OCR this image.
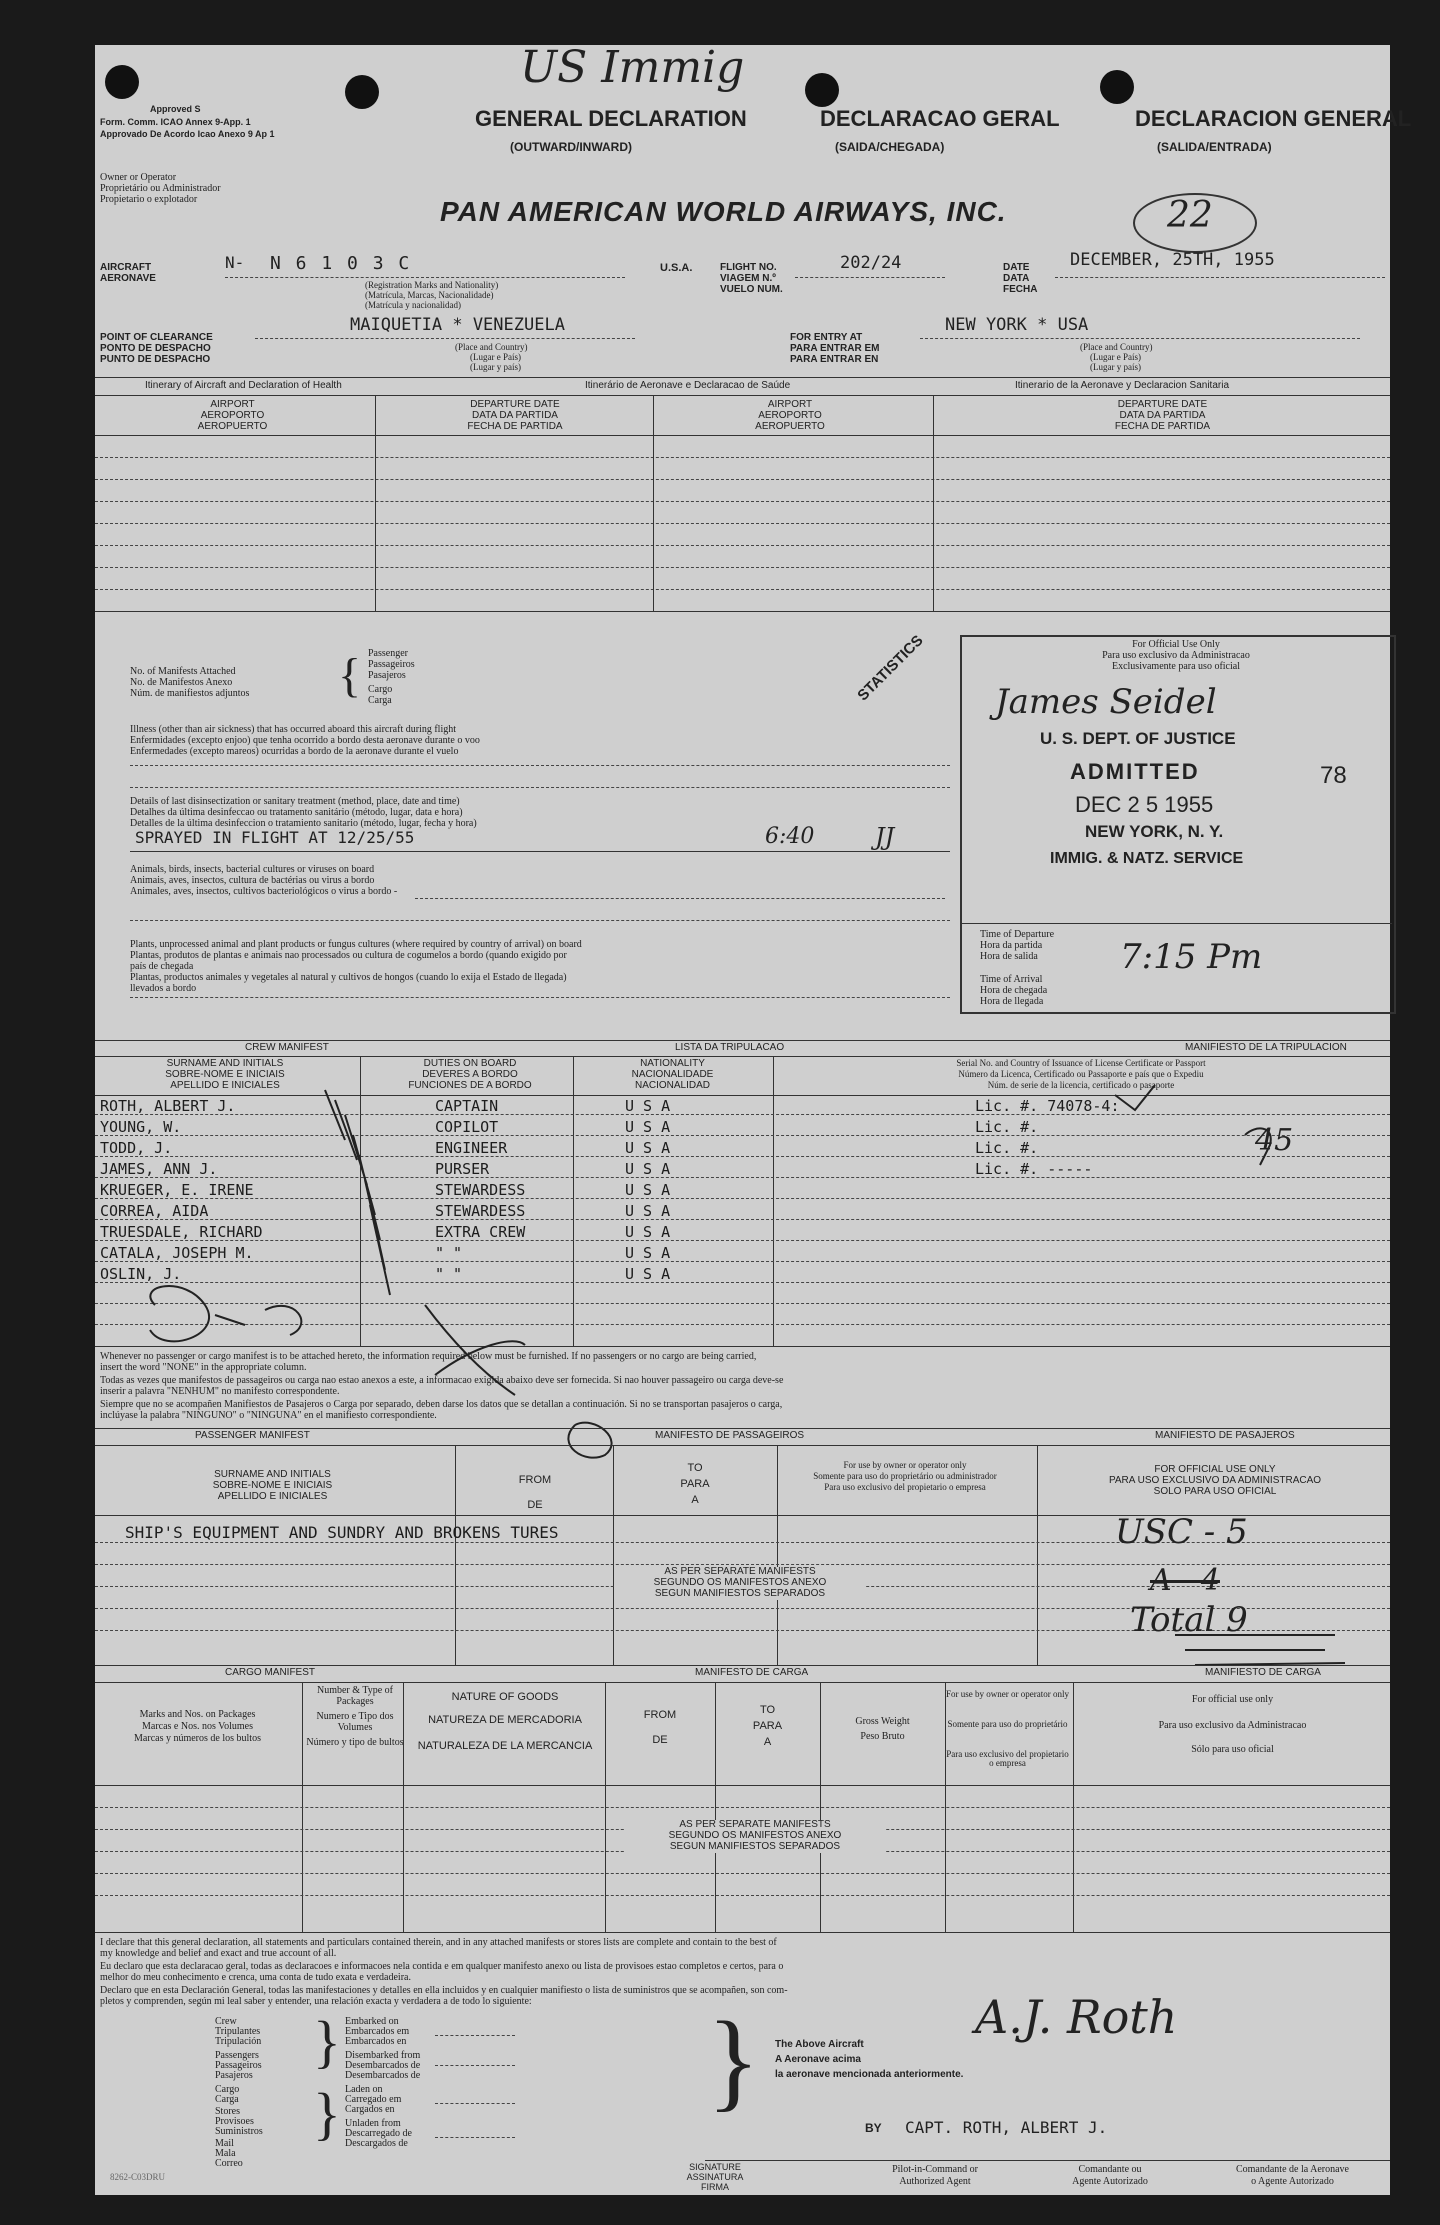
US Immig
22
Approved S
Form. Comm. ICAO Annex 9-App. 1
Approvado De Acordo Icao Anexo 9 Ap 1
GENERAL DECLARATION
(OUTWARD/INWARD)
DECLARACAO GERAL
(SAIDA/CHEGADA)
DECLARACION GENERAL
(SALIDA/ENTRADA)
Owner or Operator
Proprietário ou Administrador
Propietario o explotador	PAN AMERICAN WORLD AIRWAYS, INC.
AIRCRAFT
AERONAVE
N- N 6 1 0 3 C
(Registration Marks and Nationality)
(Matrícula, Marcas, Nacionalidade)
(Matrícula y nacionalidad)
U.S.A.	FLIGHT NO.
VIAGEM N.º
VUELO NUM.
202/24	DATE
DATA
FECHA
DECEMBER, 25TH, 1955
POINT OF CLEARANCE
PONTO DE DESPACHO
PUNTO DE DESPACHO
MAIQUETIA * VENEZUELA
(Place and Country)
(Lugar e País)
(Lugar y país)
FOR ENTRY AT
PARA ENTRAR EM
PARA ENTRAR EN
NEW YORK * USA
(Place and Country)
(Lugar e País)
(Lugar y país)
Itinerary of Aircraft and Declaration of Health	Itinerário de Aeronave e Declaracao de Saúde	Itinerario de la Aeronave y Declaracion Sanitaria
AIRPORT
AEROPORTO
AEROPUERTO
DEPARTURE DATE
DATA DA PARTIDA
FECHA DE PARTIDA
AIRPORT
AEROPORTO
AEROPUERTO
DEPARTURE DATE
DATA DA PARTIDA
FECHA DE PARTIDA
No. of Manifests Attached
No. de Manifestos Anexo
Núm. de manifiestos adjuntos { Passenger
Passageiros
Pasajeros
Cargo
Carga	STATISTICS
Illness (other than air sickness) that has occurred aboard this aircraft during flight
Enfermidades (excepto enjoo) que tenha ocorrido a bordo desta aeronave durante o voo
Enfermedades (excepto mareos) ocurridas a bordo de la aeronave durante el vuelo
Details of last disinsectization or sanitary treatment (method, place, date and time)
Detalhes da última desinfeccao ou tratamento sanitário (método, lugar, data e hora)
Detalles de la última desinfeccion o tratamiento sanitario (método, lugar, fecha y hora)
SPRAYED IN FLIGHT AT 12/25/55	6:40	JJ
Animals, birds, insects, bacterial cultures or viruses on board
Animais, aves, insectos, cultura de bactérias ou virus a bordo
Animales, aves, insectos, cultivos bacteriológicos o virus a bordo -
Plants, unprocessed animal and plant products or fungus cultures (where required by country of arrival) on board
Plantas, produtos de plantas e animais nao processados ou cultura de cogumelos a bordo (quando exigido por
país de chegada
Plantas, productos animales y vegetales al natural y cultivos de hongos (cuando lo exija el Estado de llegada)
llevados a bordo
For Official Use Only
Para uso exclusivo da Administracao
Exclusivamente para uso oficial
James Seidel
U. S. DEPT. OF JUSTICE
ADMITTED	78
DEC 2 5 1955
NEW YORK, N. Y.
IMMIG. & NATZ. SERVICE
Time of Departure
Hora da partida
Hora de salida 7:15 Pm
Time of Arrival
Hora de chegada
Hora de llegada
CREW MANIFEST	LISTA DA TRIPULACAO	MANIFIESTO DE LA TRIPULACION
SURNAME AND INITIALS
SOBRE-NOME E INICIAIS
APELLIDO E INICIALES
DUTIES ON BOARD
DEVERES A BORDO
FUNCIONES DE A BORDO
NATIONALITY
NACIONALIDADE
NACIONALIDAD
Serial No. and Country of Issuance of License Certificate or Passport
Número da Licenca, Certificado ou Passaporte e país que o Expediu
Núm. de serie de la licencia, certificado o pasaporte
ROTH, ALBERT J.	CAPTAIN	U S A	Lic. #. 74078-4:
YOUNG, W.	COPILOT	U S A	Lic. #.
TODD, J.	ENGINEER	U S A	Lic. #.
JAMES, ANN J.	PURSER	U S A	Lic. #. -----
KRUEGER, E. IRENE	STEWARDESS	U S A
CORREA, AIDA	STEWARDESS	U S A
TRUESDALE, RICHARD	EXTRA CREW	U S A
CATALA, JOSEPH M.	" "	U S A
OSLIN, J.	" "	U S A
45
Whenever no passenger or cargo manifest is to be attached hereto, the information required below must be furnished. If no passengers or no cargo are being carried,
insert the word "NONE" in the appropriate column.
Todas as vezes que manifestos de passageiros ou carga nao estao anexos a este, a informacao exigida abaixo deve ser fornecida. Si nao houver passageiro ou carga deve-se
inserir a palavra "NENHUM" no manifesto correspondente.
Siempre que no se acompañen Manifiestos de Pasajeros o Carga por separado, deben darse los datos que se detallan a continuación. Si no se transportan pasajeros o carga,
inclúyase la palabra "NINGUNO" o "NINGUNA" en el manifiesto correspondiente.
PASSENGER MANIFEST	MANIFESTO DE PASSAGEIROS	MANIFIESTO DE PASAJEROS
SURNAME AND INITIALS
SOBRE-NOME E INICIAIS
APELLIDO E INICIALES
FROM
DE
TO
PARA
A
For use by owner or operator only
Somente para uso do proprietário ou administrador
Para uso exclusivo del propietario o empresa
FOR OFFICIAL USE ONLY
PARA USO EXCLUSIVO DA ADMINISTRACAO
SOLO PARA USO OFICIAL
SHIP'S EQUIPMENT AND SUNDRY AND BROKENS TURES
AS PER SEPARATE MANIFESTS
SEGUNDO OS MANIFESTOS ANEXO
SEGUN MANIFIESTOS SEPARADOS
USC - 5
A - 4
Total 9
CARGO MANIFEST	MANIFESTO DE CARGA	MANIFIESTO DE CARGA
Marks and Nos. on Packages
Marcas e Nos. nos Volumes
Marcas y números de los bultos
Number & Type of Packages
Numero e Tipo dos Volumes
Número y tipo de bultos
NATURE OF GOODS
NATUREZA DE MERCADORIA
NATURALEZA DE LA MERCANCIA
FROM
DE
TO
PARA
A
Gross Weight
Peso Bruto
For use by owner or operator only
Somente para uso do proprietário
Para uso exclusivo del propietario o empresa
For official use only
Para uso exclusivo da Administracao
Sólo para uso oficial
AS PER SEPARATE MANIFESTS
SEGUNDO OS MANIFESTOS ANEXO
SEGUN MANIFIESTOS SEPARADOS
I declare that this general declaration, all statements and particulars contained therein, and in any attached manifests or stores lists are complete and contain to the best of
my knowledge and belief and exact and true account of all.
Eu declaro que esta declaracao geral, todas as declaracoes e informacoes nela contida e em qualquer manifesto anexo ou lista de provisoes estao completos e certos, para o
melhor do meu conhecimento e crenca, uma conta de tudo exata e verdadeira.
Declaro que en esta Declaración General, todas las manifestaciones y detalles en ella incluidos y en cualquier manifiesto o lista de suministros que se acompañen, son com-
pletos y comprenden, según mi leal saber y entender, una relación exacta y verdadera a de todo lo siguiente:
Crew
Tripulantes
Tripulación
Passengers
Passageiros
Pasajeros
Cargo
Carga
Stores
Provisoes
Suministros
Mail
Mala
Correo
}
}
Embarked on
Embarcados em
Embarcados en
Disembarked from
Desembarcados de
Desembarcados de
Laden on
Carregado em
Cargados en
Unladen from
Descarregado de
Descargados de
} The Above Aircraft
A Aeronave acima
la aeronave mencionada anteriormente.
A.J. Roth
BY CAPT. ROTH, ALBERT J.
SIGNATURE
ASSINATURA
FIRMA
Pilot-in-Command or
Authorized Agent
Comandante ou
Agente Autorizado
Comandante de la Aeronave
o Agente Autorizado
8262-C03DRU
